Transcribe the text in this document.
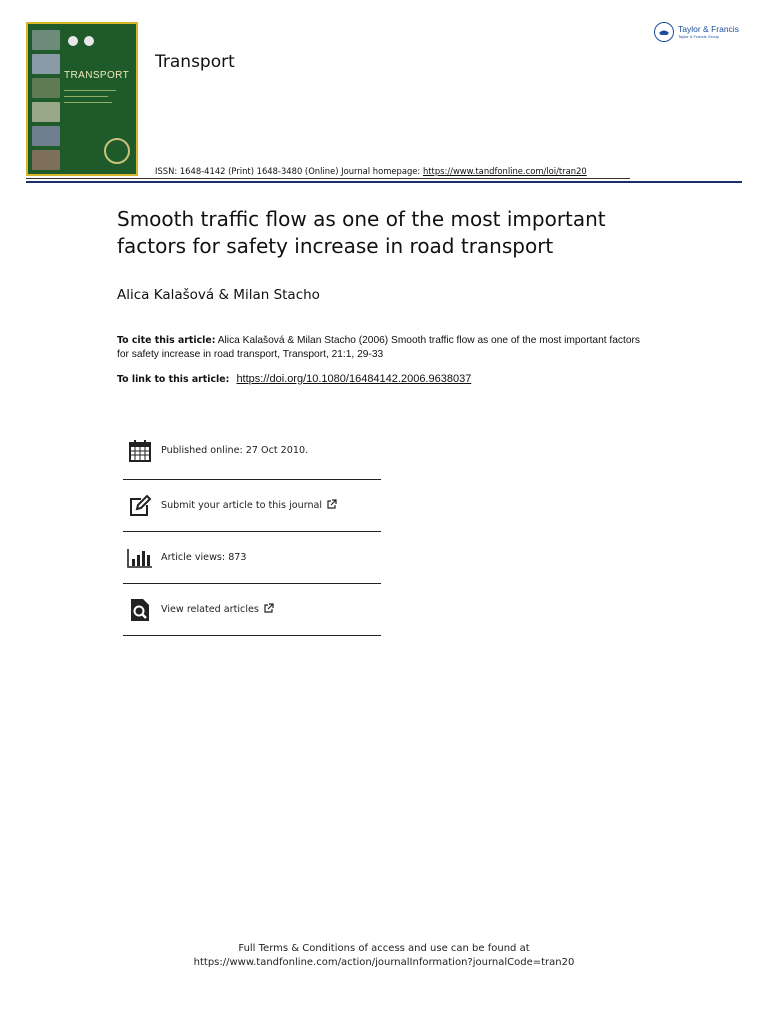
TRANSPORT
Transport
Taylor & Francis
Taylor & Francis Group
ISSN: 1648-4142 (Print) 1648-3480 (Online) Journal homepage: https://www.tandfonline.com/loi/tran20
Smooth traffic flow as one of the most important factors for safety increase in road transport
Alica Kalašová & Milan Stacho
To cite this article: Alica Kalašová & Milan Stacho (2006) Smooth traffic flow as one of the most important factors for safety increase in road transport, Transport, 21:1, 29-33
To link to this article: https://doi.org/10.1080/16484142.2006.9638037
Published online: 27 Oct 2010.
Submit your article to this journal
Article views: 873
View related articles
Full Terms & Conditions of access and use can be found at
https://www.tandfonline.com/action/journalInformation?journalCode=tran20
